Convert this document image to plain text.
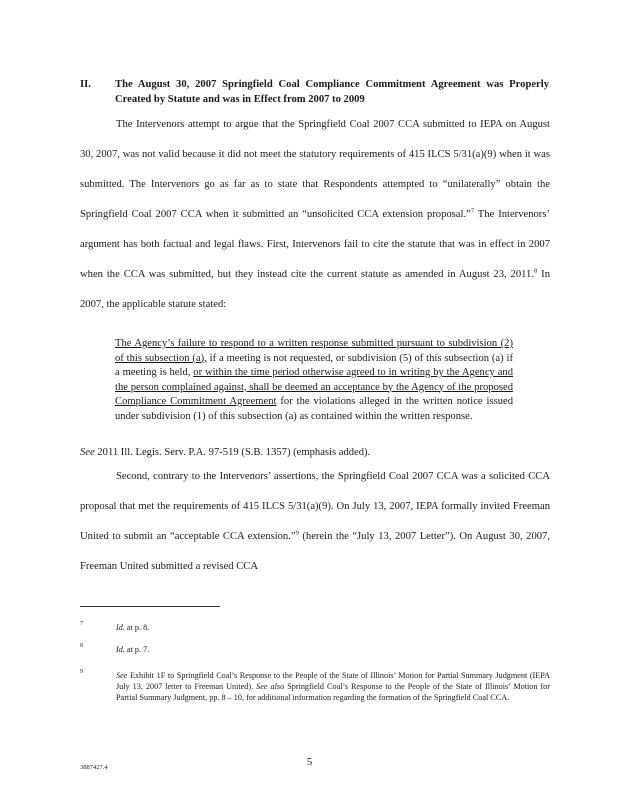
II. The August 30, 2007 Springfield Coal Compliance Commitment Agreement was Properly Created by Statute and was in Effect from 2007 to 2009
The Intervenors attempt to argue that the Springfield Coal 2007 CCA submitted to IEPA on August 30, 2007, was not valid because it did not meet the statutory requirements of 415 ILCS 5/31(a)(9) when it was submitted. The Intervenors go as far as to state that Respondents attempted to “unilaterally” obtain the Springfield Coal 2007 CCA when it submitted an “unsolicited CCA extension proposal.”$^7$ The Intervenors’ argument has both factual and legal flaws. First, Intervenors fail to cite the statute that was in effect in 2007 when the CCA was submitted, but they instead cite the current statute as amended in August 23, 2011.$^8$ In 2007, the applicable statute stated:
The Agency’s failure to respond to a written response submitted pursuant to subdivision (2) of this subsection (a), if a meeting is not requested, or subdivision (5) of this subsection (a) if a meeting is held, or within the time period otherwise agreed to in writing by the Agency and the person complained against, shall be deemed an acceptance by the Agency of the proposed Compliance Commitment Agreement for the violations alleged in the written notice issued under subdivision (1) of this subsection (a) as contained within the written response.
See 2011 Ill. Legis. Serv. P.A. 97-519 (S.B. 1357) (emphasis added).
Second, contrary to the Intervenors’ assertions, the Springfield Coal 2007 CCA was a solicited CCA proposal that met the requirements of 415 ILCS 5/31(a)(9). On July 13, 2007, IEPA formally invited Freeman United to submit an “acceptable CCA extension.”$^9$ (herein the “July 13, 2007 Letter”). On August 30, 2007, Freeman United submitted a revised CCA
7	Id. at p. 8.
8	Id. at p. 7.
9	See Exhibit 1F to Springfield Coal’s Response to the People of the State of Illinois’ Motion for Partial Summary Judgment (IEPA July 13, 2007 letter to Freeman United). See also Springfield Coal’s Response to the People of the State of Illinois’ Motion for Partial Summary Judgment, pp. 8 – 10, for additional information regarding the formation of the Springfield Coal CCA.
3887427.4	5
